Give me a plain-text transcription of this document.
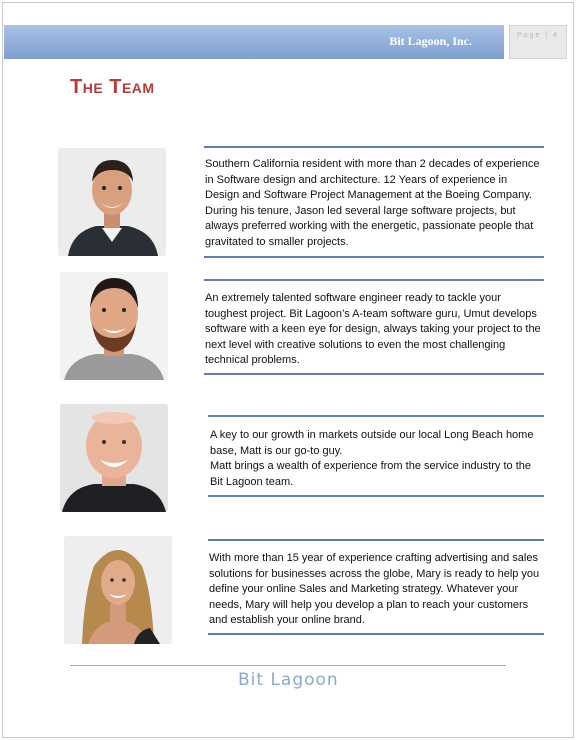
Bit Lagoon, Inc.	Page | 4
The Team

Southern California resident with more than 2 decades of experience in Software design and architecture. 12 Years of experience in Design and Software Project Management at the Boeing Company. During his tenure, Jason led several large software projects, but always preferred working with the energetic, passionate people that gravitated to smaller projects.

An extremely talented software engineer ready to tackle your toughest project. Bit Lagoon’s A-team software guru, Umut develops software with a keen eye for design, always taking your project to the next level with creative solutions to even the most challenging technical problems.

A key to our growth in markets outside our local Long Beach home base, Matt is our go-to guy.

Matt brings a wealth of experience from the service industry to the Bit Lagoon team.

With more than 15 year of experience crafting advertising and sales solutions for businesses across the globe, Mary is ready to help you define your online Sales and Marketing strategy. Whatever your needs, Mary will help you develop a plan to reach your customers and establish your online brand.

Bit Lagoon
